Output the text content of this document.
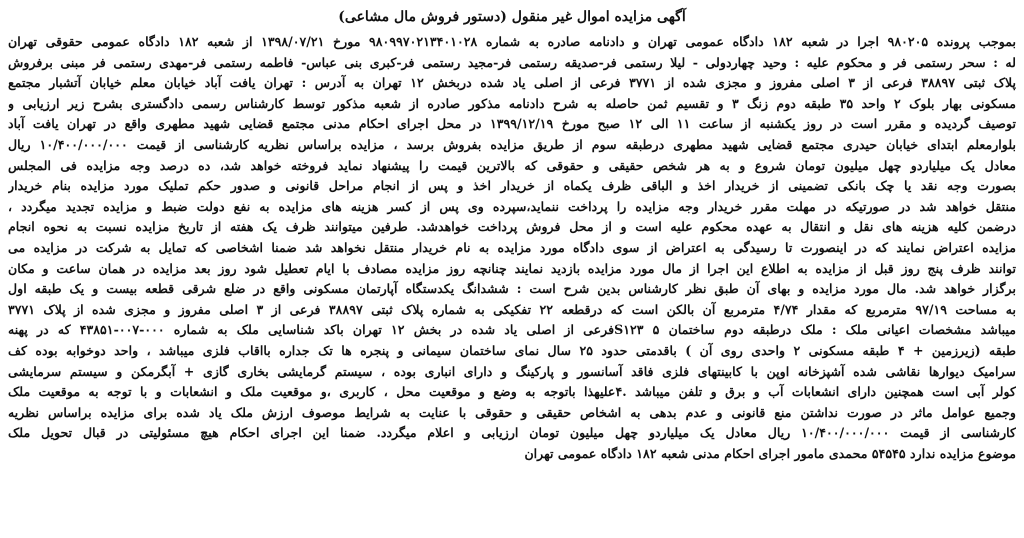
آگهی مزایده اموال غیر منقول (دستور فروش مال مشاعی)
بموجب پرونده ۹۸۰۲۰۵ اجرا در شعبه ۱۸۲ دادگاه عمومی تهران و دادنامه صادره به شماره ۹۸۰۹۹۷۰۲۱۳۴۰۱۰۲۸ مورخ ۱۳۹۸/۰۷/۲۱ از شعبه ۱۸۲ دادگاه عمومی حقوقی تهران
له : سحر رستمی فر و محکوم علیه : وحید چهاردولی - لیلا رستمی فر-صدیقه رستمی فر-مجید رستمی فر-کبری بنی عباس- فاطمه رستمی فر-مهدی رستمی فر مبنی برفروش
پلاک ثبتی ۳۸۸۹۷ فرعی از ۳ اصلی مفروز و مجزی شده از ۳۷۷۱ فرعی از اصلی یاد شده دربخش ۱۲ تهران به آدرس : تهران یافت آباد خیابان معلم خیابان آتشبار مجتمع
مسکونی بهار بلوک ۲ واحد ۳۵ طبقه دوم زنگ ۳ و تقسیم ثمن حاصله به شرح دادنامه مذکور صادره از شعبه مذکور توسط کارشناس رسمی دادگستری بشرح زیر ارزیابی و
توصیف گردیده و مقرر است در روز یکشنبه از ساعت ۱۱ الی ۱۲ صبح مورخ ۱۳۹۹/۱۲/۱۹ در محل اجرای احکام مدنی مجتمع قضایی شهید مطهری واقع در تهران یافت آباد
بلوارمعلم ابتدای خیابان حیدری مجتمع قضایی شهید مطهری درطبقه سوم از طریق مزایده بفروش برسد ، مزایده براساس نظریه کارشناسی از قیمت ۱۰/۴۰۰/۰۰۰/۰۰۰ ریال
معادل یک میلیاردو چهل میلیون تومان شروع و به هر شخص حقیقی و حقوقی که بالاترین قیمت را پیشنهاد نماید فروخته خواهد شد، ده درصد وجه مزایده فی المجلس
بصورت وجه نقد یا چک بانکی تضمینی از خریدار اخذ و الباقی ظرف یکماه از خریدار اخذ و پس از انجام مراحل قانونی و صدور حکم تملیک مورد مزایده بنام خریدار
منتقل خواهد شد در صورتیکه در مهلت مقرر خریدار وجه مزایده را پرداخت ننماید،سپرده وی پس از کسر هزینه های مزایده به نفع دولت ضبط و مزایده تجدید میگردد ،
درضمن کلیه هزینه های نقل و انتقال به عهده محکوم علیه است و از محل فروش پرداخت خواهدشد. طرفین میتوانند ظرف یک هفته از تاریخ مزایده نسبت به نحوه انجام
مزایده اعتراض نمایند که در اینصورت تا رسیدگی به اعتراض از سوی دادگاه مورد مزایده به نام خریدار منتقل نخواهد شد ضمنا اشخاصی که تمایل به شرکت در مزایده می
توانند ظرف پنج روز قبل از مزایده به اطلاع این اجرا از مال مورد مزایده بازدید نمایند چنانچه روز مزایده مصادف با ایام تعطیل شود روز بعد مزایده در همان ساعت و مکان
برگزار خواهد شد. مال مورد مزایده و بهای آن طبق نظر کارشناس بدین شرح است : ششدانگ یکدستگاه آپارتمان مسکونی واقع در ضلع شرقی قطعه بیست و یک طبقه اول
به مساحت ۹۷/۱۹ مترمربع که مقدار ۴/۷۴ مترمربع آن بالکن است که درقطعه ۲۲ تفکیکی به شماره پلاک ثبتی ۳۸۸۹۷ فرعی از ۳ اصلی مفروز و مجزی شده از پلاک ۳۷۷۱
میباشد مشخصات اعیانی ملک : ملک درطبقه دوم ساختمان ۵ S۱۲۳فرعی از اصلی یاد شده در بخش ۱۲ تهران باکد شناسایی ملک به شماره ۰۰۰-۰۰۷-۴۳۸۵۱ که در پهنه
طبقه (زیرزمین + ۴ طبقه مسکونی ۲ واحدی روی آن ) باقدمتی حدود ۲۵ سال نمای ساختمان سیمانی و پنجره ها تک جداره بااقاب فلزی میباشد ، واحد دوخوابه بوده کف
سرامیک دیوارها نقاشی شده آشپزخانه اوپن با کابینتهای فلزی فاقد آسانسور و پارکینگ و دارای انباری بوده ، سیستم گرمایشی بخاری گازی + آبگرمکن و سیستم سرمایشی
کولر آبی است همچنین دارای انشعابات آب و برق و تلفن میباشد .۴علیهذا باتوجه به وضع و موقعیت محل ، کاربری ،و موقعیت ملک و انشعابات و با توجه به موقعیت ملک
وجمیع عوامل ماثر در صورت نداشتن منع قانونی و عدم بدهی به اشخاص حقیقی و حقوقی با عنایت به شرایط موصوف ارزش ملک یاد شده برای مزایده براساس نظریه
کارشناسی از قیمت ۱۰/۴۰۰/۰۰۰/۰۰۰ ریال معادل یک میلیاردو چهل میلیون تومان ارزیابی و اعلام میگردد. ضمنا این اجرای احکام هیچ مسئولیتی در قبال تحویل ملک
موضوع مزایده ندارد ۵۴۵۴۵ محمدی مامور اجرای احکام مدنی شعبه ۱۸۲ دادگاه عمومی تهران
